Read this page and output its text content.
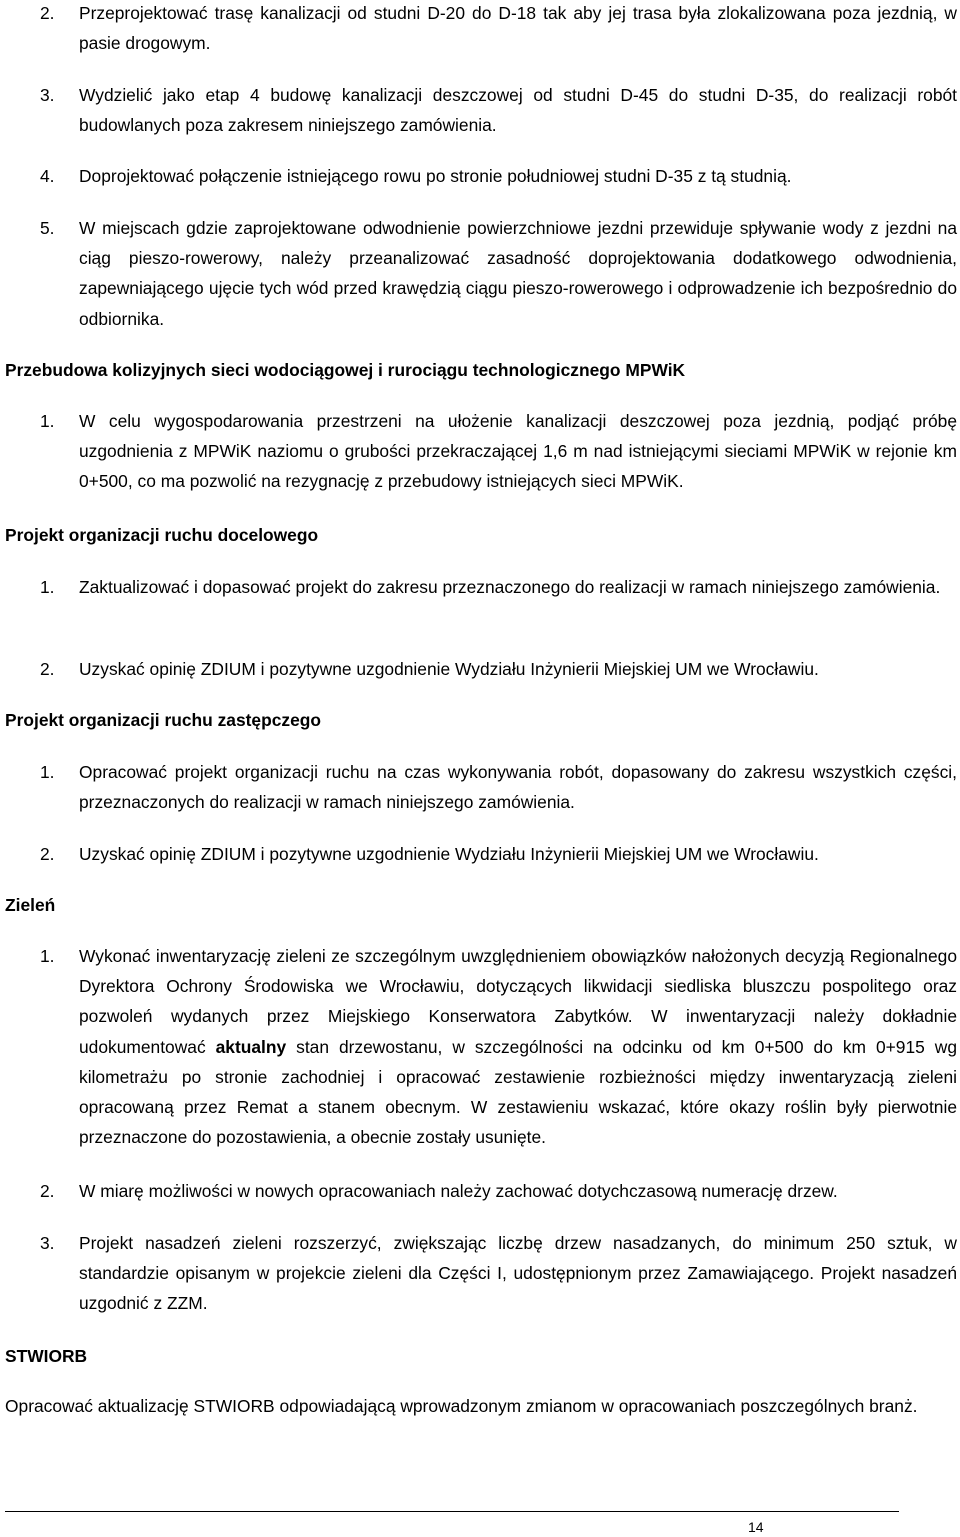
2.	Przeprojektować trasę kanalizacji od studni D-20 do D-18 tak aby jej trasa była zlokalizowana poza jezdnią, w pasie drogowym.
3.	Wydzielić jako etap 4 budowę kanalizacji deszczowej od studni D-45 do studni D-35, do realizacji robót budowlanych poza zakresem niniejszego zamówienia.
4.	Doprojektować połączenie istniejącego rowu po stronie południowej studni D-35 z tą studnią.
5.	W miejscach gdzie zaprojektowane odwodnienie powierzchniowe jezdni przewiduje spływanie wody z jezdni na ciąg pieszo-rowerowy, należy przeanalizować zasadność doprojektowania dodatkowego odwodnienia, zapewniającego ujęcie tych wód przed krawędzią ciągu pieszo-rowerowego i odprowadzenie ich bezpośrednio do odbiornika.
Przebudowa kolizyjnych sieci wodociągowej i rurociągu technologicznego MPWiK
1.	W celu wygospodarowania przestrzeni na ułożenie kanalizacji deszczowej poza jezdnią, podjąć próbę uzgodnienia z MPWiK naziomu o grubości przekraczającej 1,6 m nad istniejącymi sieciami MPWiK w rejonie km 0+500, co ma pozwolić na rezygnację z przebudowy istniejących sieci MPWiK.
Projekt organizacji ruchu docelowego
1.	Zaktualizować i dopasować projekt do zakresu przeznaczonego do realizacji w ramach niniejszego zamówienia.
2.	Uzyskać opinię ZDIUM i pozytywne uzgodnienie Wydziału Inżynierii Miejskiej UM we Wrocławiu.
Projekt organizacji ruchu zastępczego
1.	Opracować projekt organizacji ruchu na czas wykonywania robót, dopasowany do zakresu wszystkich części, przeznaczonych do realizacji w ramach niniejszego zamówienia.
2.	Uzyskać opinię ZDIUM i pozytywne uzgodnienie Wydziału Inżynierii Miejskiej UM we Wrocławiu.
Zieleń
1.	Wykonać inwentaryzację zieleni ze szczególnym uwzględnieniem obowiązków nałożonych decyzją Regionalnego Dyrektora Ochrony Środowiska we Wrocławiu, dotyczących likwidacji siedliska bluszczu pospolitego oraz pozwoleń wydanych przez Miejskiego Konserwatora Zabytków. W inwentaryzacji należy dokładnie udokumentować aktualny stan drzewostanu, w szczególności na odcinku od km 0+500 do km 0+915 wg kilometrażu po stronie zachodniej i opracować zestawienie rozbieżności między inwentaryzacją zieleni opracowaną przez Remat a stanem obecnym. W zestawieniu wskazać, które okazy roślin były pierwotnie przeznaczone do pozostawienia, a obecnie zostały usunięte.
2.	W miarę możliwości w nowych opracowaniach należy zachować dotychczasową numerację drzew.
3.	Projekt nasadzeń zieleni rozszerzyć, zwiększając liczbę drzew nasadzanych, do minimum 250 sztuk, w standardzie opisanym w projekcie zieleni dla Części I, udostępnionym przez Zamawiającego. Projekt nasadzeń uzgodnić z ZZM.
STWIORB
Opracować aktualizację STWIORB odpowiadającą wprowadzonym zmianom w opracowaniach poszczególnych branż.
14
